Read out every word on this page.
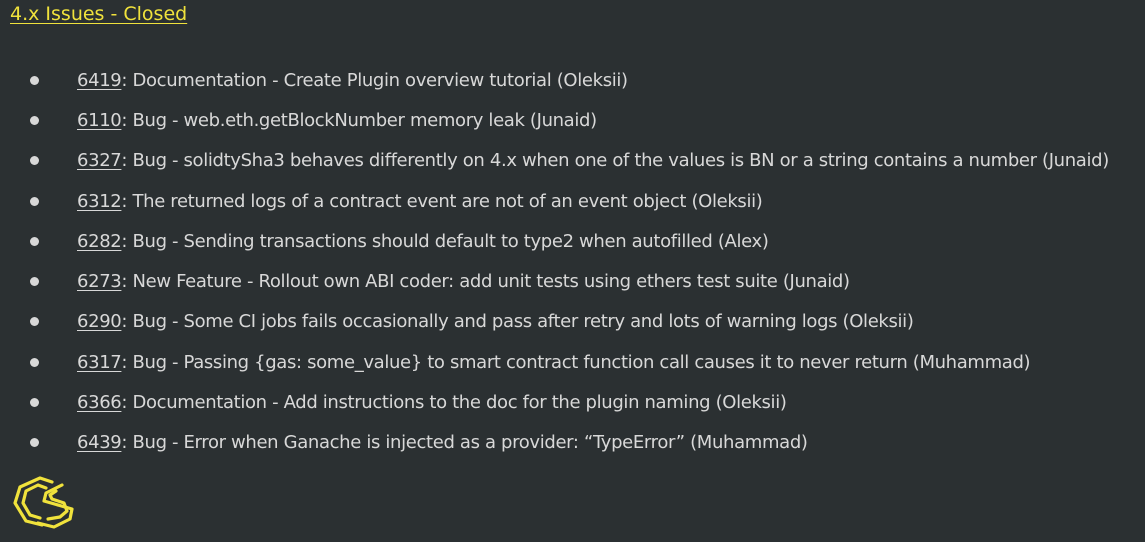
4.x Issues - Closed
6419: Documentation - Create Plugin overview tutorial (Oleksii)
6110: Bug - web.eth.getBlockNumber memory leak (Junaid)
6327: Bug - solidtySha3 behaves differently on 4.x when one of the values is BN or a string contains a number (Junaid)
6312: The returned logs of a contract event are not of an event object (Oleksii)
6282: Bug - Sending transactions should default to type2 when autofilled (Alex)
6273: New Feature - Rollout own ABI coder: add unit tests using ethers test suite (Junaid)
6290: Bug - Some CI jobs fails occasionally and pass after retry and lots of warning logs (Oleksii)
6317: Bug - Passing {gas: some_value} to smart contract function call causes it to never return (Muhammad)
6366: Documentation - Add instructions to the doc for the plugin naming (Oleksii)
6439: Bug - Error when Ganache is injected as a provider: “TypeError” (Muhammad)
